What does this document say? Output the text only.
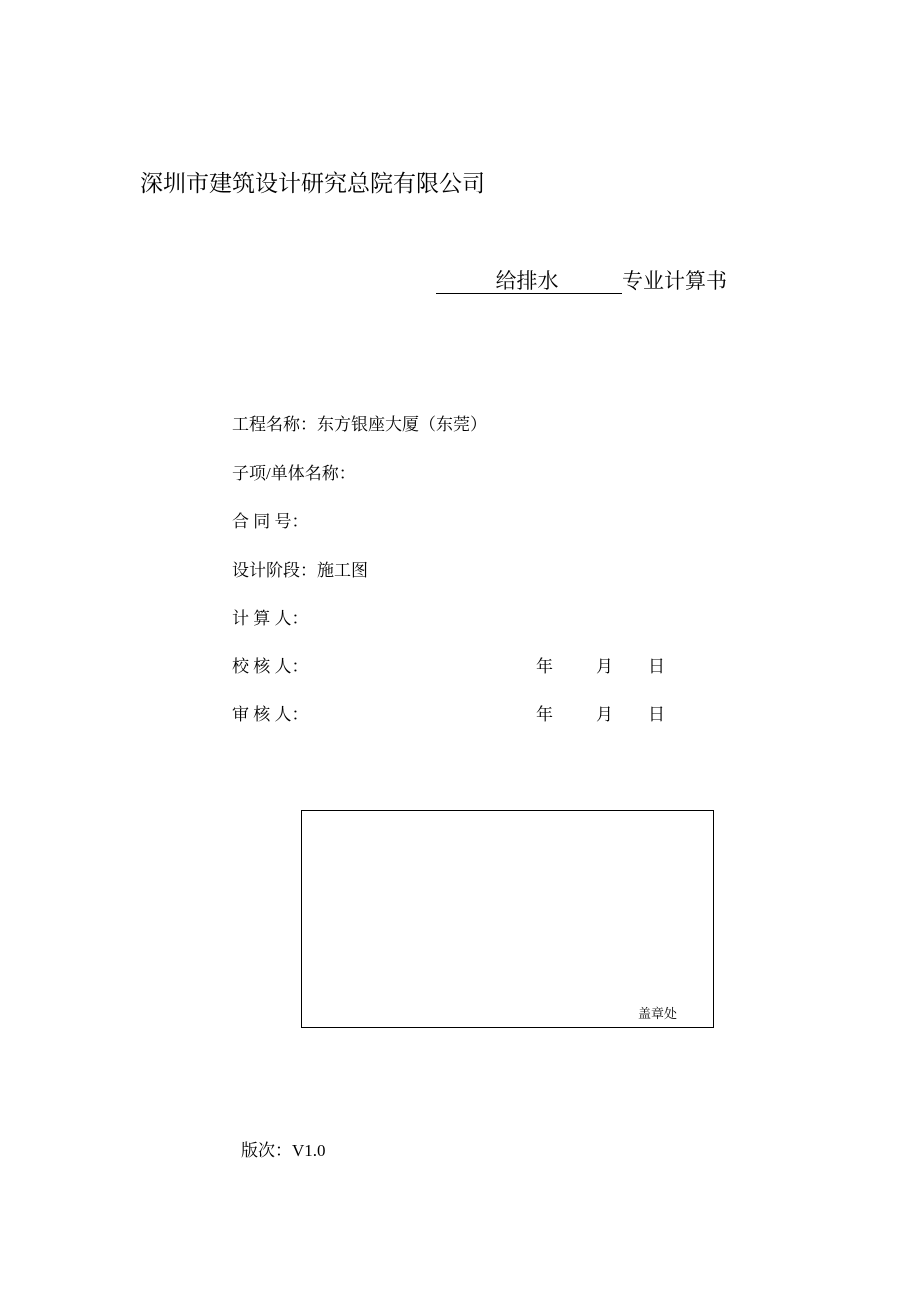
深圳市建筑设计研究总院有限公司
给排水	专业计算书
工程名称：东方银座大厦（东莞）
子项/单体名称：
合 同 号：
设计阶段：施工图
计 算 人：
校 核 人：	年	月 日
审 核 人：	年	月 日
盖章处
版次：V1.0
